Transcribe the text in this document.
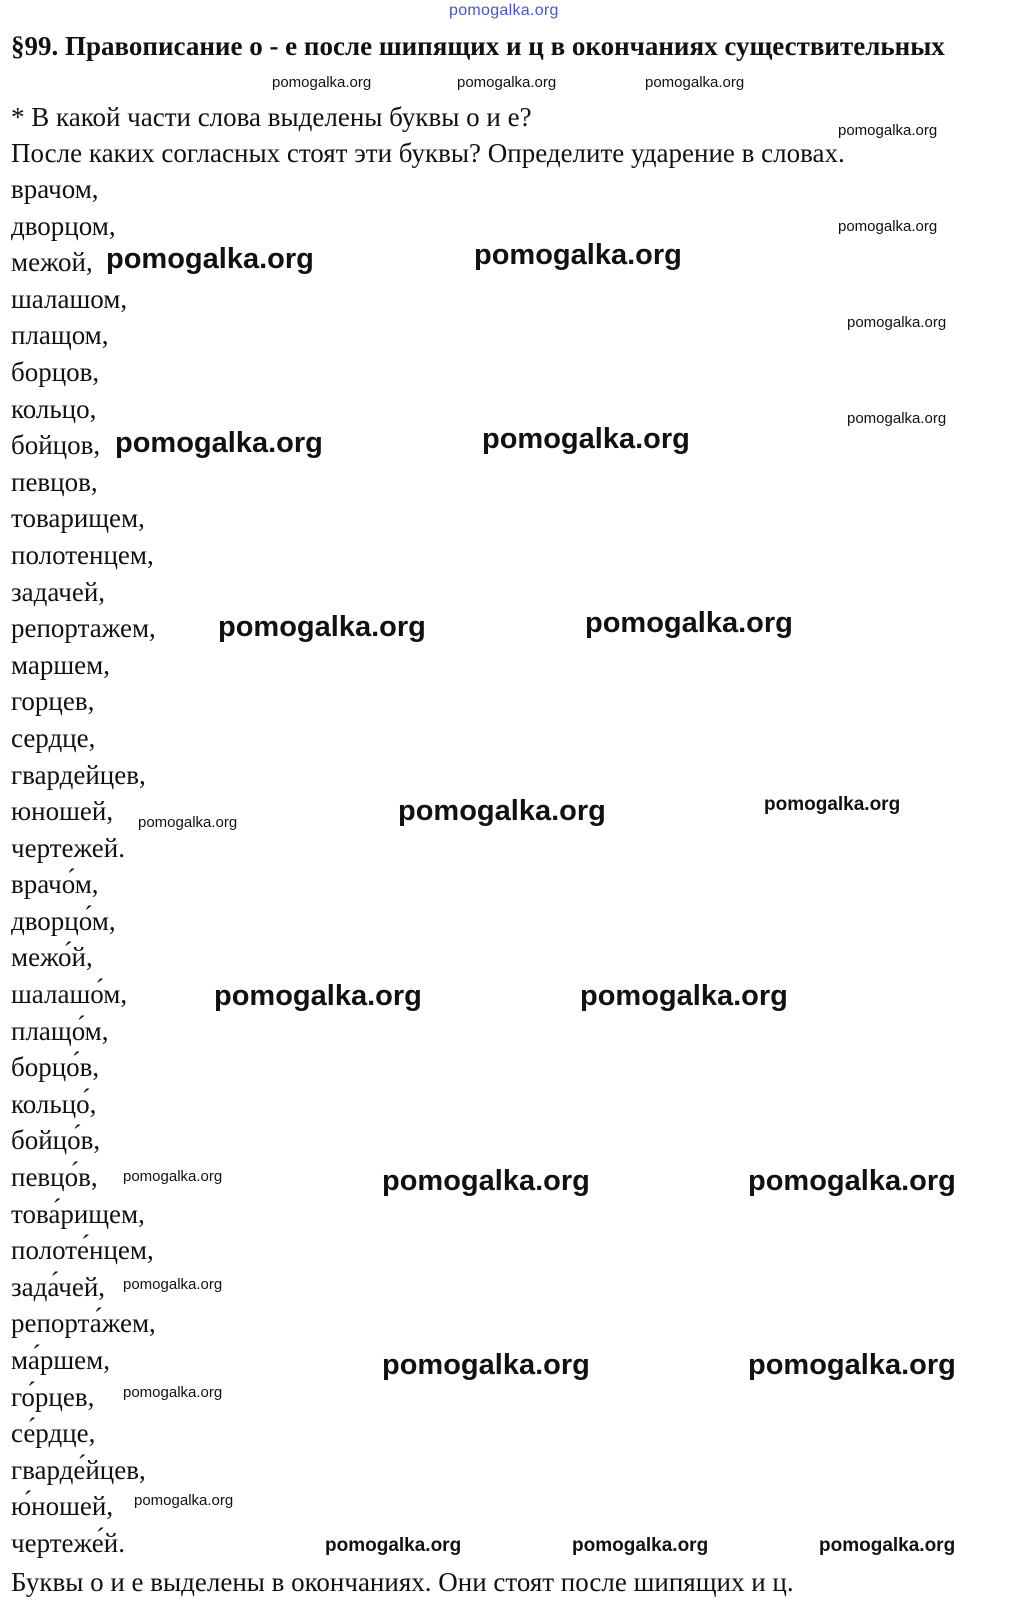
pomogalka.org
§99. Правописание о - е после шипящих и ц в окончаниях существительных
* В какой части слова выделены буквы о и е?
После каких согласных стоят эти буквы? Определите ударение в словах.
врачом,
дворцом,
межой,
шалашом,
плащом,
борцов,
кольцо,
бойцов,
певцов,
товарищем,
полотенцем,
задачей,
репортажем,
маршем,
горцев,
сердце,
гвардейцев,
юношей,
чертежей.
врачо́м,
дворцо́м,
межо́й,
шалашо́м,
плащо́м,
борцо́в,
кольцо́,
бойцо́в,
певцо́в,
това́рищем,
полоте́нцем,
зада́чей,
репорта́жем,
ма́ршем,
го́рцев,
се́рдце,
гварде́йцев,
ю́ношей,
чертеже́й.
Буквы о и е выделены в окончаниях. Они стоят после шипящих и ц.
pomogalka.org	pomogalka.org	pomogalka.org
pomogalka.org
pomogalka.org
pomogalka.org	pomogalka.org
pomogalka.org
pomogalka.org
pomogalka.org	pomogalka.org
pomogalka.org	pomogalka.org
pomogalka.org
pomogalka.org	pomogalka.org
pomogalka.org	pomogalka.org
pomogalka.org	pomogalka.org	pomogalka.org
pomogalka.org
pomogalka.org	pomogalka.org
pomogalka.org
pomogalka.org
pomogalka.org	pomogalka.org	pomogalka.org
